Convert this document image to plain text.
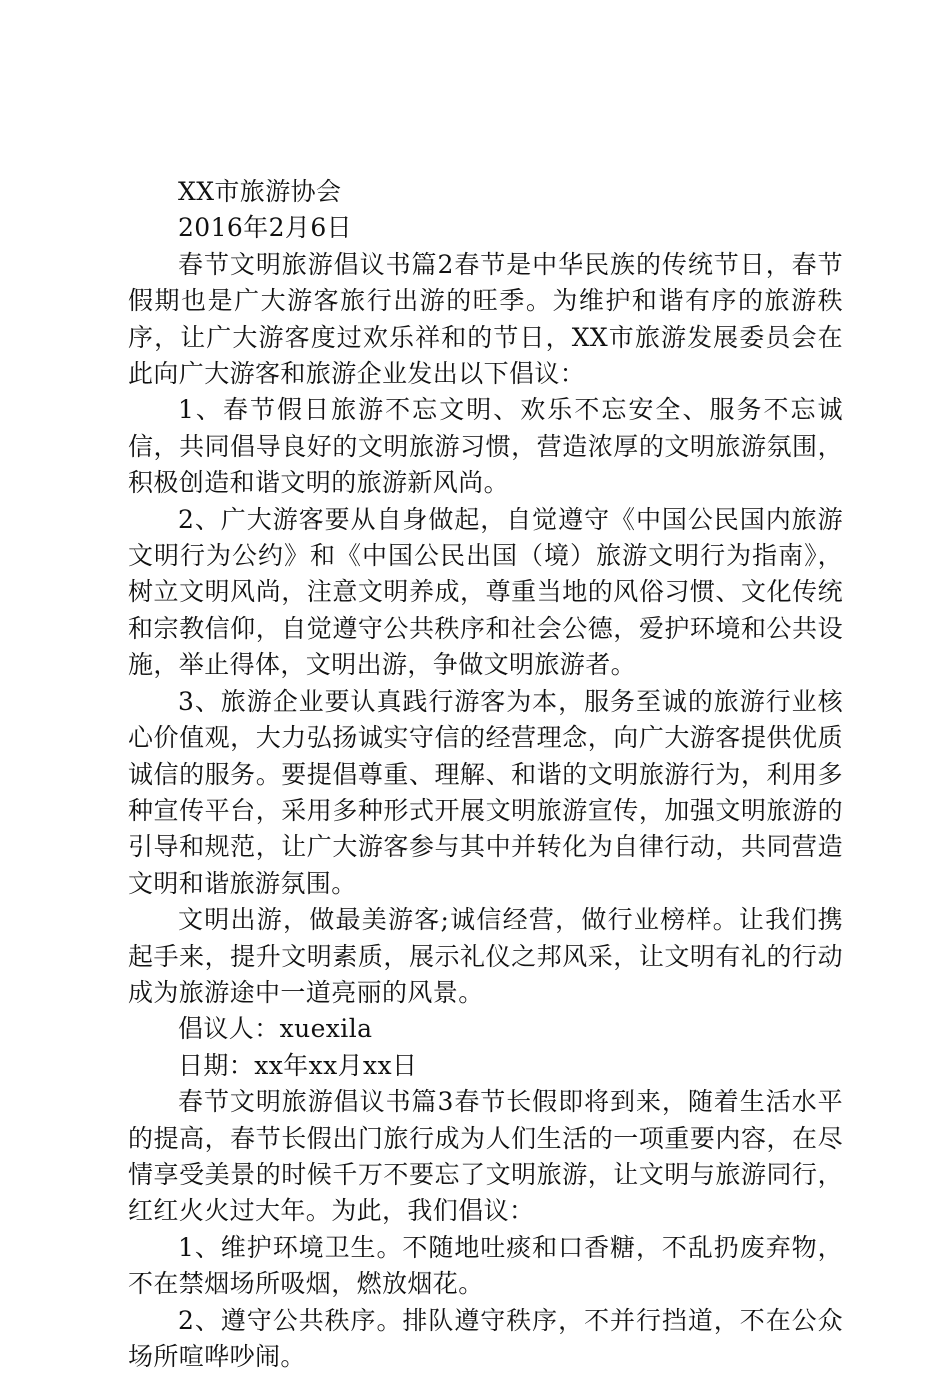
XX市旅游协会

2016年2月6日

春节文明旅游倡议书篇2春节是中华民族的传统节日，春节假期也是广大游客旅行出游的旺季。为维护和谐有序的旅游秩序，让广大游客度过欢乐祥和的节日，XX市旅游发展委员会在此向广大游客和旅游企业发出以下倡议：

1、春节假日旅游不忘文明、欢乐不忘安全、服务不忘诚信，共同倡导良好的文明旅游习惯，营造浓厚的文明旅游氛围，积极创造和谐文明的旅游新风尚。

2、广大游客要从自身做起，自觉遵守《中国公民国内旅游文明行为公约》和《中国公民出国（境）旅游文明行为指南》，树立文明风尚，注意文明养成，尊重当地的风俗习惯、文化传统和宗教信仰，自觉遵守公共秩序和社会公德，爱护环境和公共设施，举止得体，文明出游，争做文明旅游者。

3、旅游企业要认真践行游客为本，服务至诚的旅游行业核心价值观，大力弘扬诚实守信的经营理念，向广大游客提供优质诚信的服务。要提倡尊重、理解、和谐的文明旅游行为，利用多种宣传平台，采用多种形式开展文明旅游宣传，加强文明旅游的引导和规范，让广大游客参与其中并转化为自律行动，共同营造文明和谐旅游氛围。

文明出游，做最美游客;诚信经营，做行业榜样。让我们携起手来，提升文明素质，展示礼仪之邦风采，让文明有礼的行动成为旅游途中一道亮丽的风景。

倡议人：xuexila

日期：xx年xx月xx日

春节文明旅游倡议书篇3春节长假即将到来，随着生活水平的提高，春节长假出门旅行成为人们生活的一项重要内容，在尽情享受美景的时候千万不要忘了文明旅游，让文明与旅游同行，红红火火过大年。为此，我们倡议：

1、维护环境卫生。不随地吐痰和口香糖，不乱扔废弃物，不在禁烟场所吸烟，燃放烟花。

2、遵守公共秩序。排队遵守秩序，不并行挡道，不在公众场所喧哗吵闹。
